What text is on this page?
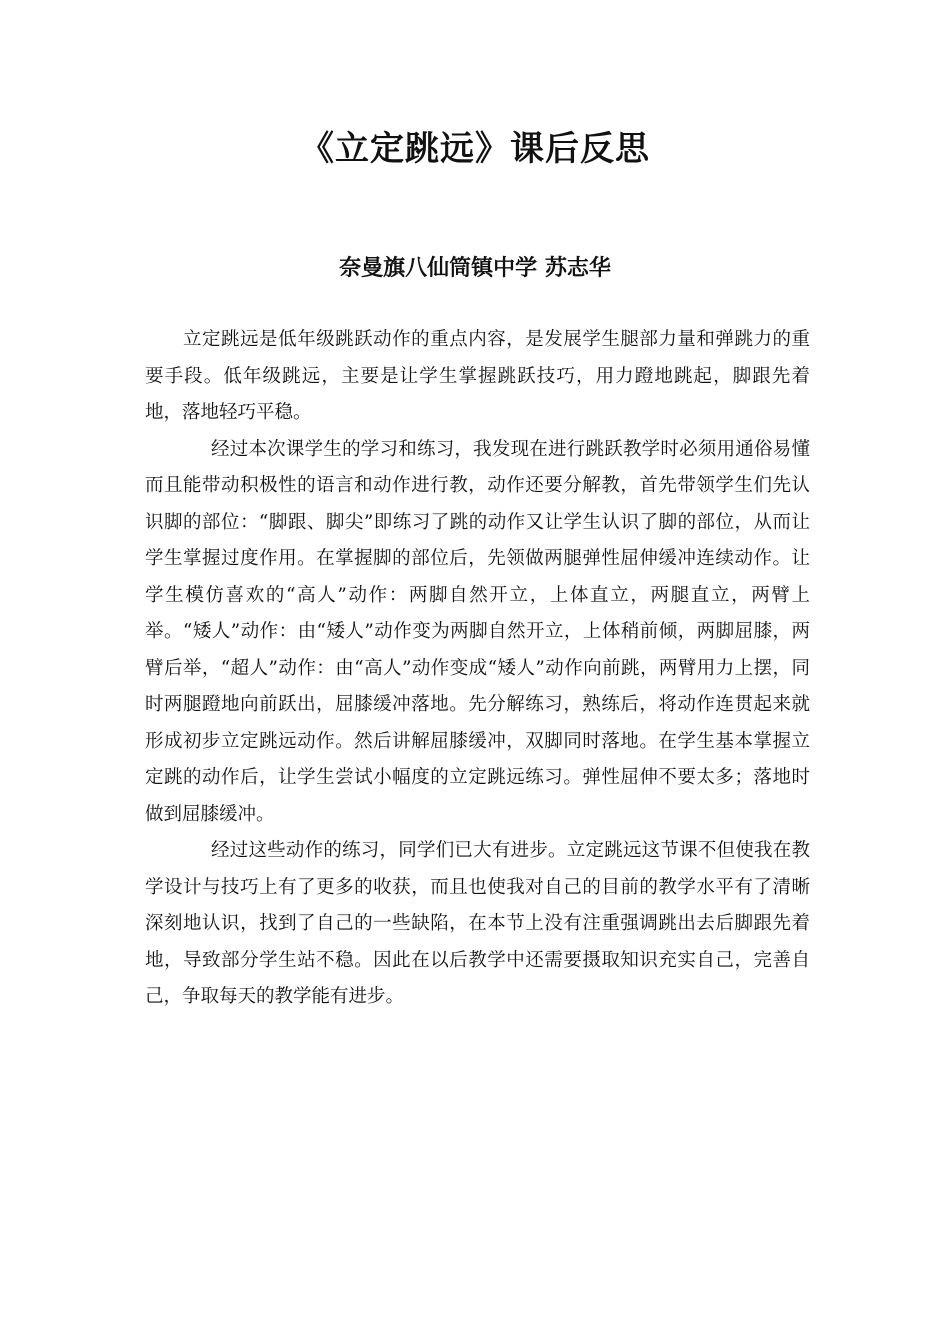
《立定跳远》课后反思
奈曼旗八仙筒镇中学 苏志华

立定跳远是低年级跳跃动作的重点内容，是发展学生腿部力量和弹跳力的重要手段。低年级跳远，主要是让学生掌握跳跃技巧，用力蹬地跳起，脚跟先着地，落地轻巧平稳。

经过本次课学生的学习和练习，我发现在进行跳跃教学时必须用通俗易懂而且能带动积极性的语言和动作进行教，动作还要分解教，首先带领学生们先认识脚的部位：“脚跟、脚尖”即练习了跳的动作又让学生认识了脚的部位，从而让学生掌握过度作用。在掌握脚的部位后，先领做两腿弹性屈伸缓冲连续动作。让学生模仿喜欢的“高人”动作：两脚自然开立，上体直立，两腿直立，两臂上举。“矮人”动作：由“矮人”动作变为两脚自然开立，上体稍前倾，两脚屈膝，两臂后举，“超人”动作：由“高人”动作变成“矮人”动作向前跳，两臂用力上摆，同时两腿蹬地向前跃出，屈膝缓冲落地。先分解练习，熟练后，将动作连贯起来就形成初步立定跳远动作。然后讲解屈膝缓冲，双脚同时落地。在学生基本掌握立定跳的动作后，让学生尝试小幅度的立定跳远练习。弹性屈伸不要太多；落地时做到屈膝缓冲。

经过这些动作的练习，同学们已大有进步。立定跳远这节课不但使我在教学设计与技巧上有了更多的收获，而且也使我对自己的目前的教学水平有了清晰深刻地认识，找到了自己的一些缺陷，在本节上没有注重强调跳出去后脚跟先着地，导致部分学生站不稳。因此在以后教学中还需要摄取知识充实自己，完善自己，争取每天的教学能有进步。
